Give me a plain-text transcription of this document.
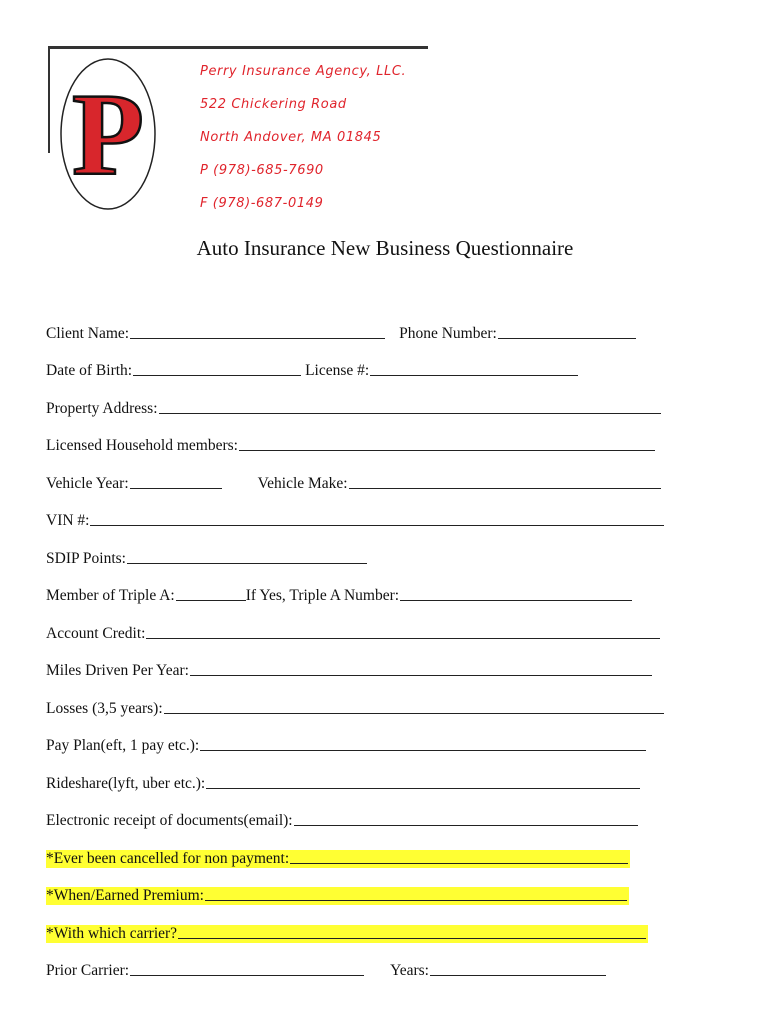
P	Perry Insurance Agency, LLC.
522 Chickering Road
North Andover, MA 01845
P (978)-685-7690
F (978)-687-0149
Auto Insurance New Business Questionnaire
Client Name:	Phone Number:
Date of Birth:	License #:
Property Address:
Licensed Household members:
Vehicle Year:	Vehicle Make:
VIN #:
SDIP Points:
Member of Triple A:	If Yes, Triple A Number:
Account Credit:
Miles Driven Per Year:
Losses (3,5 years):
Pay Plan(eft, 1 pay etc.):
Rideshare(lyft, uber etc.):
Electronic receipt of documents(email):
*Ever been cancelled for non payment:
*When/Earned Premium:
*With which carrier?
Prior Carrier:	Years:
